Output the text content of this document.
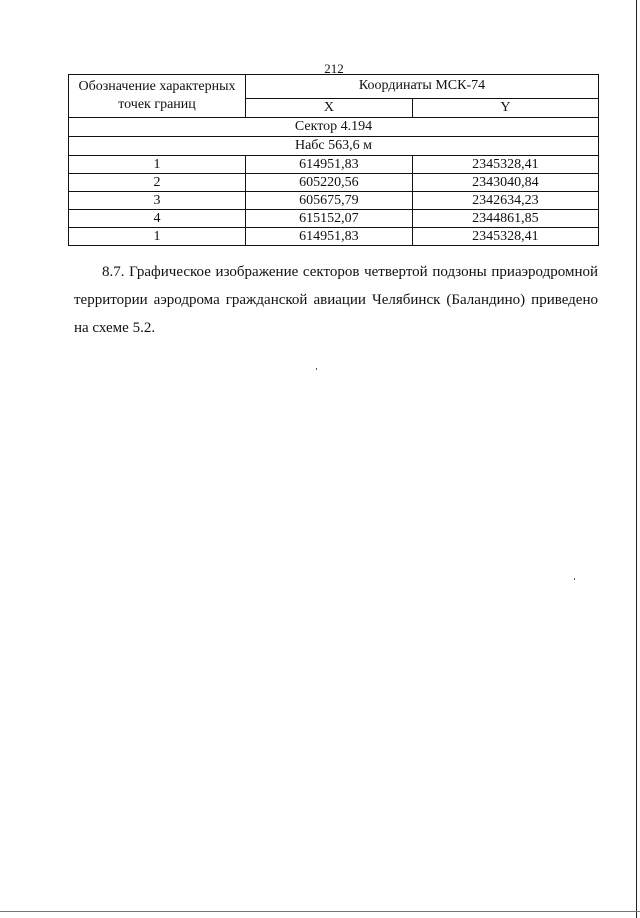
212
Обозначение характерных точек границ	Координаты МСК-74	
	X	Y
Сектор 4.194		
Набс 563,6 м		
1	614951,83	2345328,41
2	605220,56	2343040,84
3	605675,79	2342634,23
4	615152,07	2344861,85
1	614951,83	2345328,41

8.7. Графическое изображение секторов четвертой подзоны приаэродромной территории аэродрома гражданской авиации Челябинск (Баландино) приведено на схеме 5.2.
